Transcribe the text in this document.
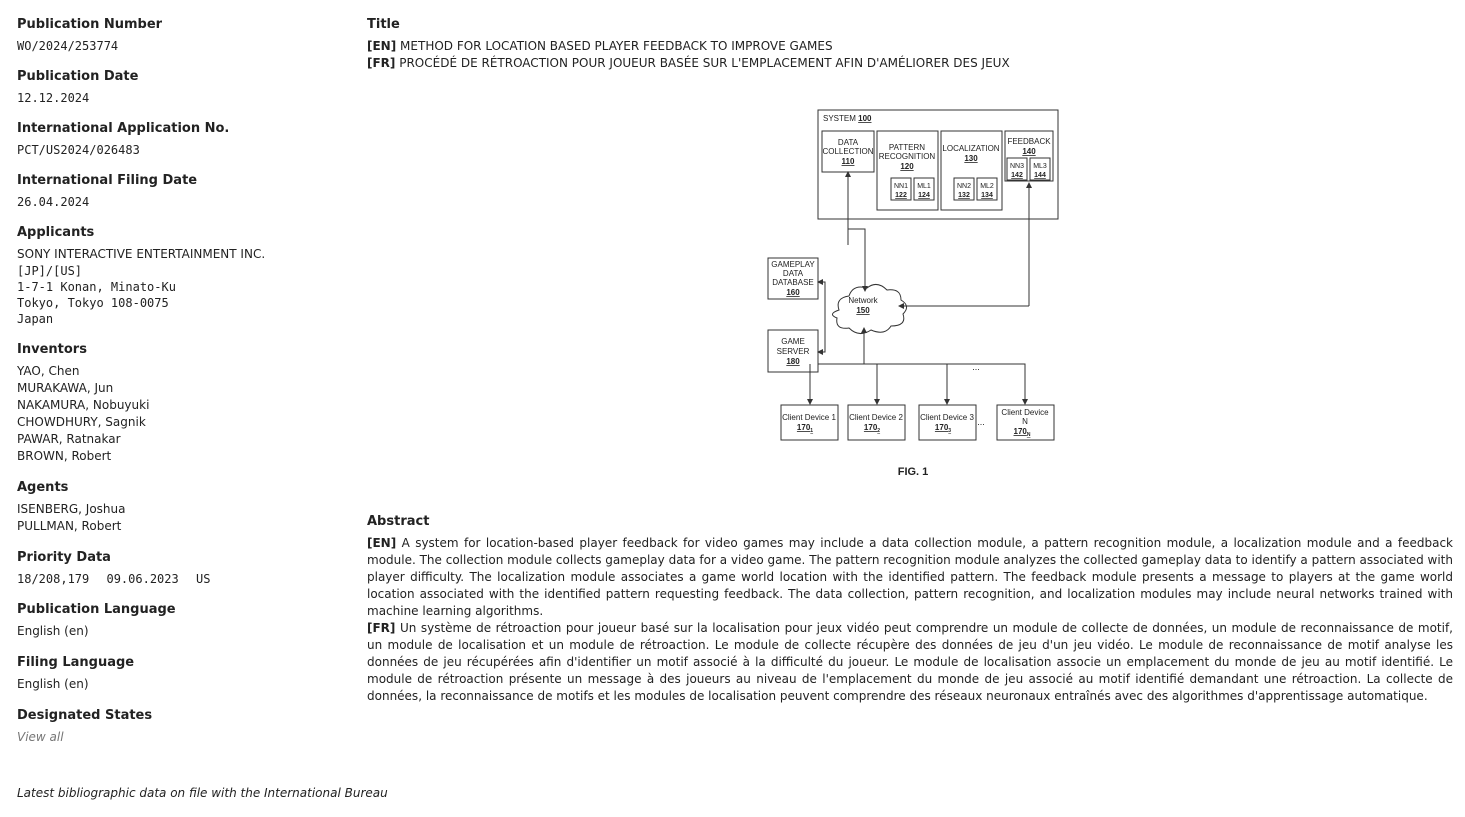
Publication Number
WO/2024/253774
Publication Date
12.12.2024
International Application No.
PCT/US2024/026483
International Filing Date
26.04.2024
Applicants
SONY INTERACTIVE ENTERTAINMENT INC.
[JP]/[US]
1-7-1 Konan, Minato-Ku
Tokyo, Tokyo 108-0075
Japan
Inventors
YAO, Chen
MURAKAWA, Jun
NAKAMURA, Nobuyuki
CHOWDHURY, Sagnik
PAWAR, Ratnakar
BROWN, Robert
Agents
ISENBERG, Joshua
PULLMAN, Robert
Priority Data
18/208,179 09.06.2023 US
Publication Language
English (en)
Filing Language
English (en)
Designated States
View all
Latest bibliographic data on file with the International Bureau
Title
[EN] METHOD FOR LOCATION BASED PLAYER FEEDBACK TO IMPROVE GAMES
[FR] PROCÉDÉ DE RÉTROACTION POUR JOUEUR BASÉE SUR L'EMPLACEMENT AFIN D'AMÉLIORER DES JEUX
SYSTEM 100
DATA
COLLECTION
110
PATTERN
RECOGNITION
120
LOCALIZATION
130
FEEDBACK
140
NN1
122
ML1
124
NN2
132
ML2
134
NN3
142
ML3
144
GAMEPLAY
DATA
DATABASE
160
Network
150
GAME
SERVER
180
Client Device 1
$170_1$
Client Device 2
$170_2$
Client Device 3
$170_3$
Client Device
N
$170_N$
...
...
FIG. 1
Abstract

[EN] A system for location-based player feedback for video games may include a data collection module, a pattern recognition module, a localization module and a feedback module. The collection module collects gameplay data for a video game. The pattern recognition module analyzes the collected gameplay data to identify a pattern associated with player difficulty. The localization module associates a game world location with the identified pattern. The feedback module presents a message to players at the game world location associated with the identified pattern requesting feedback. The data collection, pattern recognition, and localization modules may include neural networks trained with machine learning algorithms.

[FR] Un système de rétroaction pour joueur basé sur la localisation pour jeux vidéo peut comprendre un module de collecte de données, un module de reconnaissance de motif, un module de localisation et un module de rétroaction. Le module de collecte récupère des données de jeu d'un jeu vidéo. Le module de reconnaissance de motif analyse les données de jeu récupérées afin d'identifier un motif associé à la difficulté du joueur. Le module de localisation associe un emplacement du monde de jeu au motif identifié. Le module de rétroaction présente un message à des joueurs au niveau de l'emplacement du monde de jeu associé au motif identifié demandant une rétroaction. La collecte de données, la reconnaissance de motifs et les modules de localisation peuvent comprendre des réseaux neuronaux entraînés avec des algorithmes d'apprentissage automatique.
